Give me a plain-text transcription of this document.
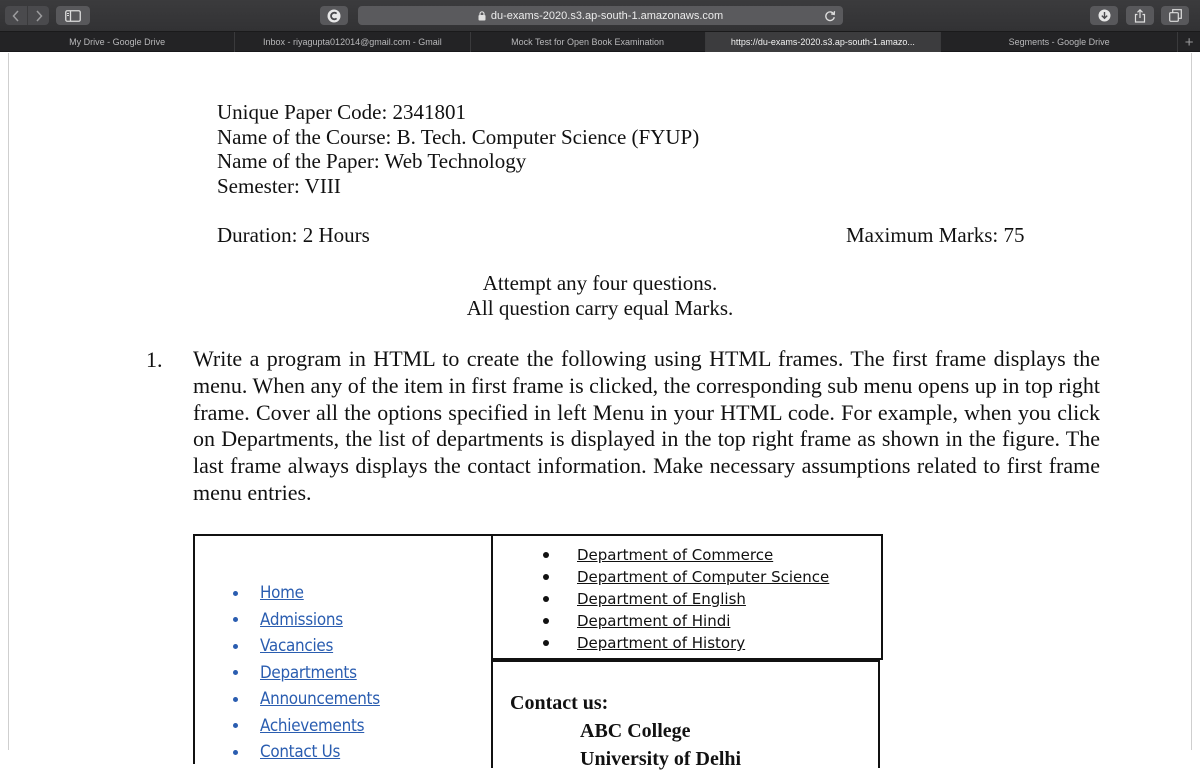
du-exams-2020.s3.ap-south-1.amazonaws.com
My Drive - Google Drive	Inbox - riyagupta012014@gmail.com - Gmail	Mock Test for Open Book Examination	https://du-exams-2020.s3.ap-south-1.amazo...	Segments - Google Drive	+
Unique Paper Code: 2341801
Name of the Course: B. Tech. Computer Science (FYUP)
Name of the Paper: Web Technology
Semester: VIII
Duration: 2 Hours	Maximum Marks: 75
Attempt any four questions.
All question carry equal Marks.
1. Write a program in HTML to create the following using HTML frames. The first frame displays the menu. When any of the item in first frame is clicked, the corresponding sub menu opens up in top right frame. Cover all the options specified in left Menu in your HTML code. For example, when you click on Departments, the list of departments is displayed in the top right frame as shown in the figure. The last frame always displays the contact information. Make necessary assumptions related to first frame menu entries.
Home
Admissions
Vacancies
Departments
Announcements
Achievements
Contact Us
Department of Commerce
Department of Computer Science
Department of English
Department of Hindi
Department of History
Contact us:
ABC College
University of Delhi
